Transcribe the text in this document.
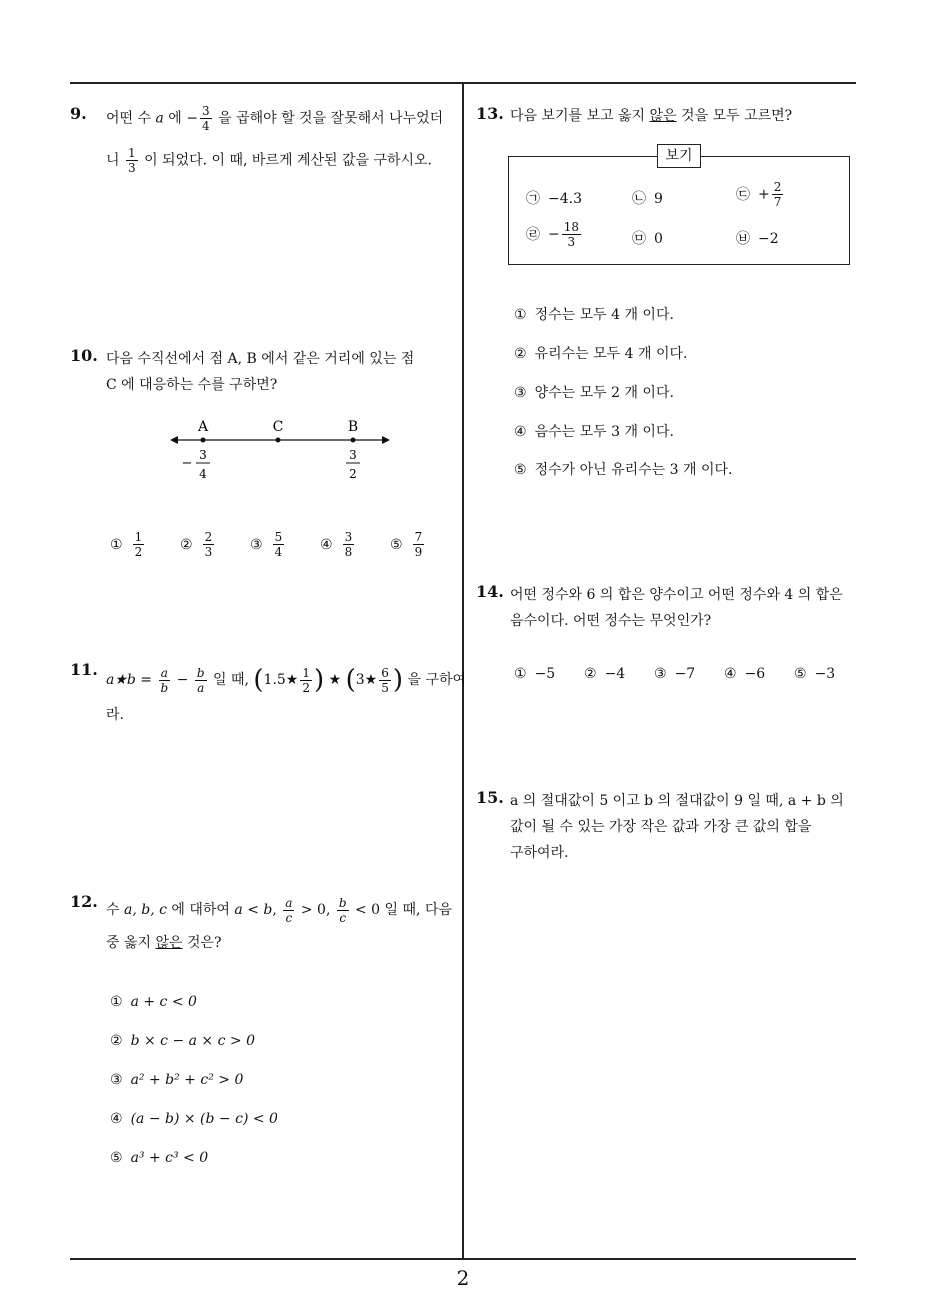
2
9. 어떤 수 a 에 − $\frac{3}{4}$ 을 곱해야 할 것을 잘못해서 나누었더
니 $\frac{1}{3}$ 이 되었다. 이 때, 바르게 계산된 값을 구하시오.
10. 다음 수직선에서 점 A, B 에서 같은 거리에 있는 점
C 에 대응하는 수를 구하면?
A	C	B
−
3
4
3
2
① $\frac{1}{2}$	② $\frac{2}{3}$	③ $\frac{5}{4}$	④ $\frac{3}{8}$	⑤ $\frac{7}{9}$
11.
a★b = $\frac{a}{b} - \frac{b}{a}$ 일 때, (1.5★ $\frac{1}{2}$ ) ★ (3★ $\frac{6}{5}$ ) 을 구하여
라.
12. 수 a, b, c 에 대하여 a < b, $\frac{a}{c} > 0$, $\frac{b}{c} < 0$ 일 때, 다음
중 옳지 않은 것은?
① a + c < 0
② b × c − a × c > 0
③ a² + b² + c² > 0
④ (a − b) × (b − c) < 0
⑤ a³ + c³ < 0
13. 다음 보기를 보고 옳지 않은 것을 모두 고르면?
보기
㉠ −4.3	㉡ 9	㉢ + $\frac{2}{7}$
㉣ − $\frac{18}{3}$	㉤ 0	㉥ −2
① 정수는 모두 4 개 이다.
② 유리수는 모두 4 개 이다.
③ 양수는 모두 2 개 이다.
④ 음수는 모두 3 개 이다.
⑤ 정수가 아닌 유리수는 3 개 이다.
14. 어떤 정수와 6 의 합은 양수이고 어떤 정수와 4 의 합은
음수이다. 어떤 정수는 무엇인가?
① −5 ② −4 ③ −7 ④ −6 ⑤ −3
15. a 의 절대값이 5 이고 b 의 절대값이 9 일 때, a + b 의
값이 될 수 있는 가장 작은 값과 가장 큰 값의 합을
구하여라.
